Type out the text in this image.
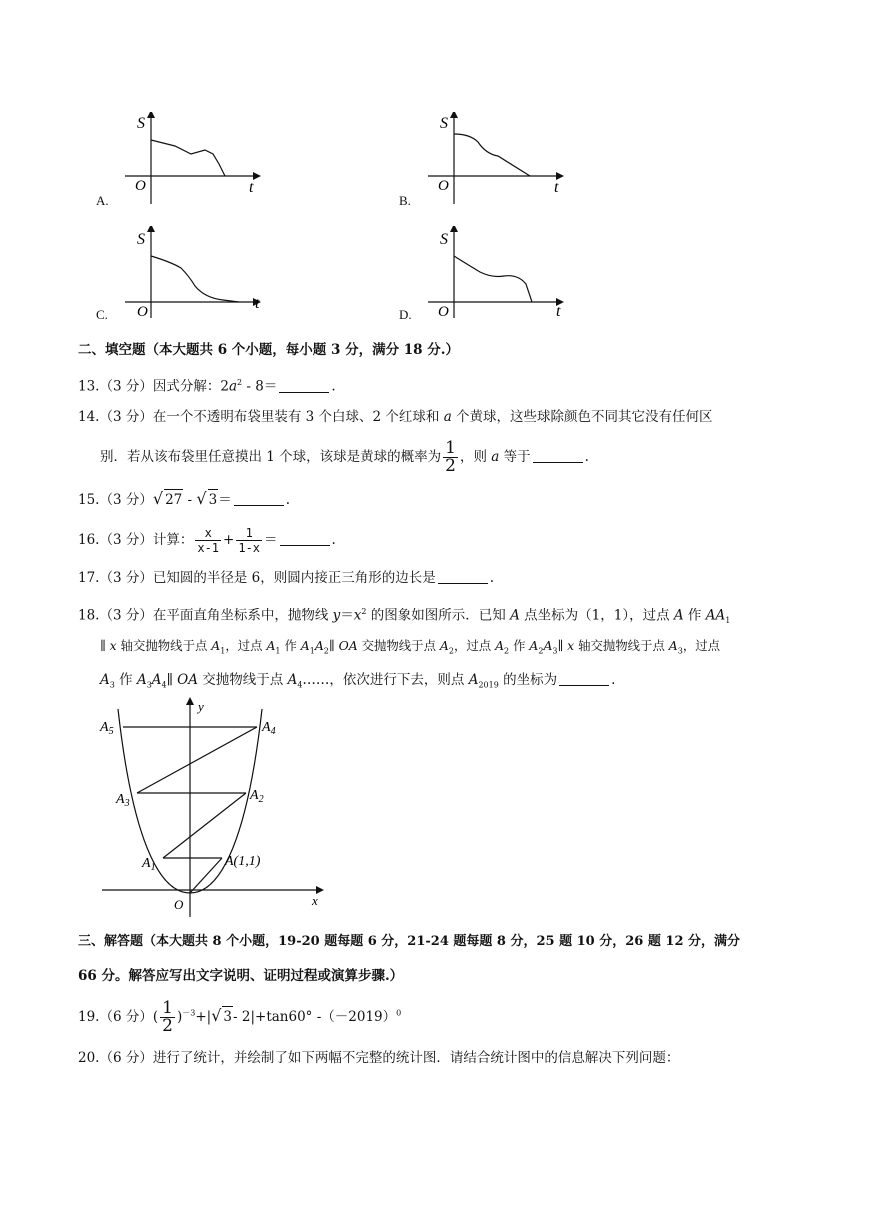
S
O	t
A.
S
O	t
B.
S
O	t
C.
S
O	t
D.
二、填空题（本大题共 6 个小题，每小题 3 分，满分 18 分.）
13.（3 分）因式分解：$2a^2 - 8=$	.
14.（3 分）在一个不透明布袋里装有 3 个白球、2 个红球和 a 个黄球，这些球除颜色不同其它没有任何区
别．若从该布袋里任意摸出 1 个球，该球是黄球的概率为 $\frac{1}{2}$ ，则 a 等于	.
15.（3 分）√ 27 - √ 3＝	.
16.（3 分）计算： $\frac{x}{x-1} + \frac{1}{1-x}$ ＝	.
17.（3 分）已知圆的半径是 6，则圆内接正三角形的边长是	.
18.（3 分）在平面直角坐标系中，抛物线 $y=x^2$ 的图象如图所示．已知 A 点坐标为（1，1），过点 A 作 $AA_1$
∥ x 轴交抛物线于点 $A_1$，过点 $A_1$ 作 $A_1A_2\parallel$ OA 交抛物线于点 $A_2$，过点 $A_2$ 作 $A_2A_3\parallel$ x 轴交抛物线于点 $A_3$，过点
$A_3$ 作 $A_3A_4\parallel$ OA 交抛物线于点 $A_4\dots\dots$，依次进行下去，则点 $A_{2019}$ 的坐标为	.
y
x
O
$A_5$	$A_4$
$A_3$
$A_2$
$A_1$	A(1,1)
三、解答题（本大题共 8 个小题，19-20 题每题 6 分，21-24 题每题 8 分，25 题 10 分，26 题 12 分，满分
66 分。解答应写出文字说明、证明过程或演算步骤.）
19.（6 分）( $\frac{1}{2} )^{-3}+|√$ 3- 2|+tan60° $-(-2019)^0$
20.（6 分）进行了统计，并绘制了如下两幅不完整的统计图．请结合统计图中的信息解决下列问题：
